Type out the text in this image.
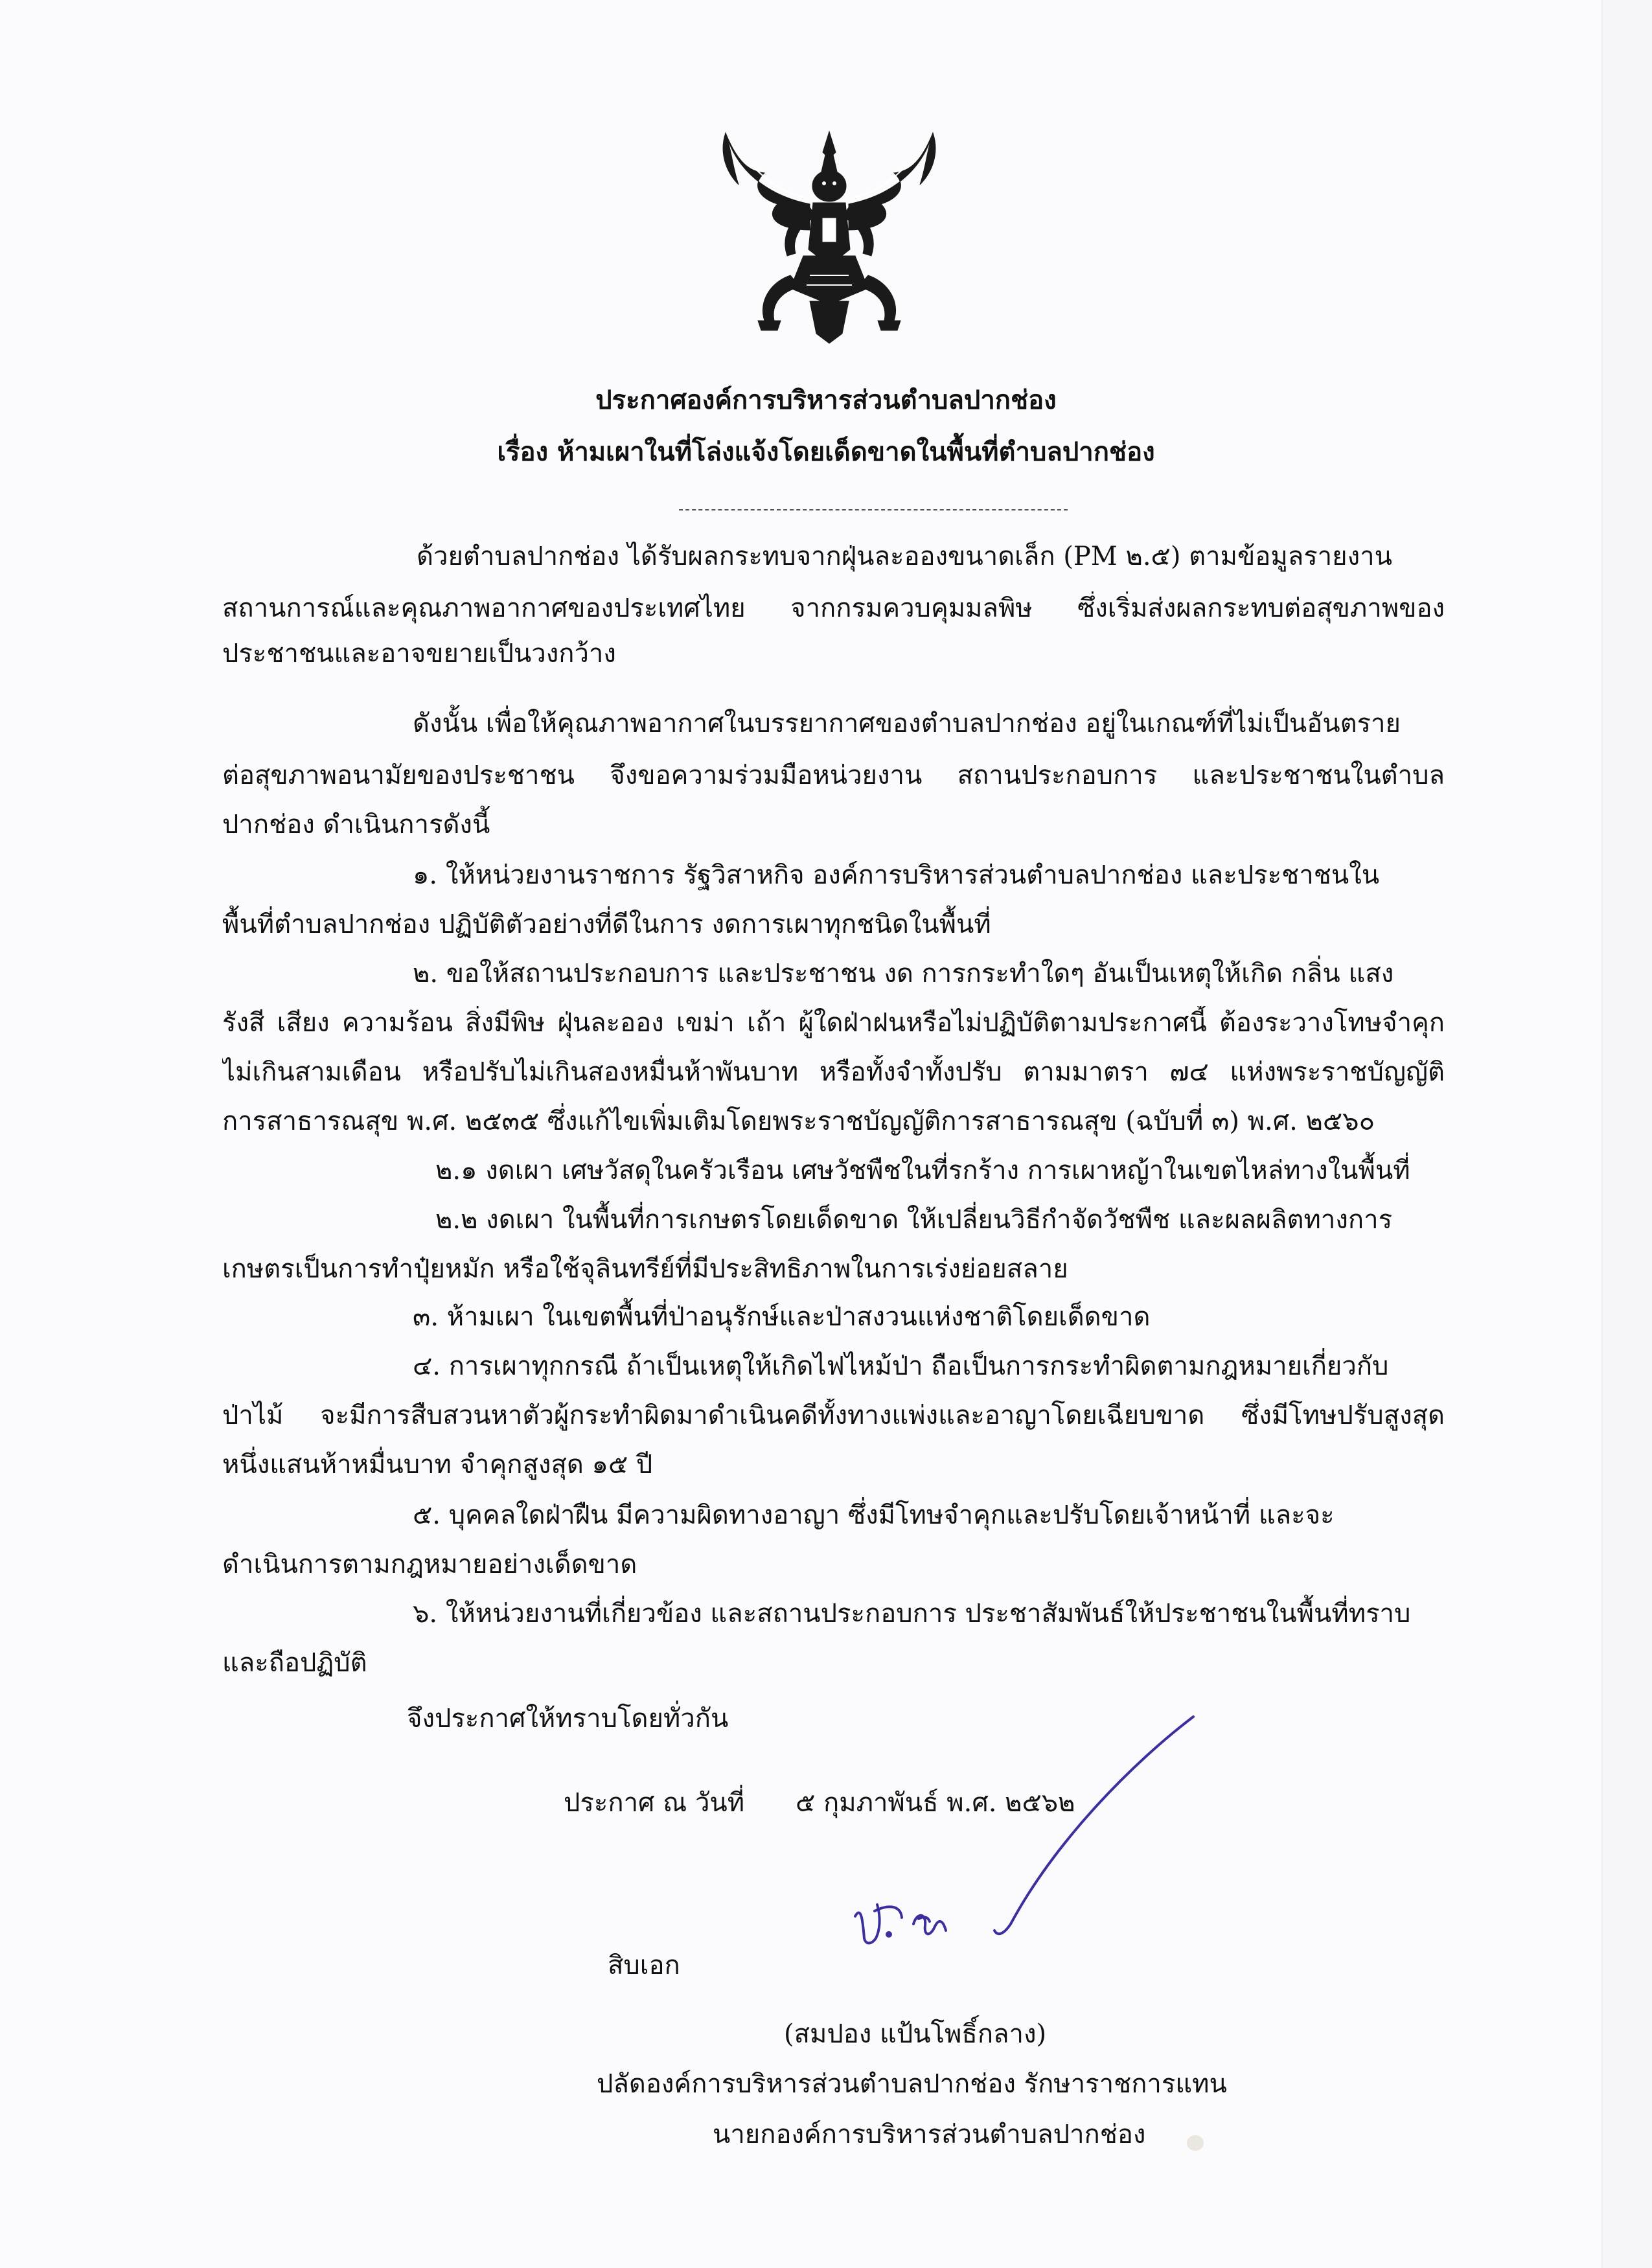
ประกาศองค์การบริหารส่วนตำบลปากช่อง
เรื่อง ห้ามเผาในที่โล่งแจ้งโดยเด็ดขาดในพื้นที่ตำบลปากช่อง
ด้วยตำบลปากช่อง ได้รับผลกระทบจากฝุ่นละอองขนาดเล็ก (PM ๒.๕) ตามข้อมูลรายงาน
สถานการณ์และคุณภาพอากาศของประเทศไทย จากกรมควบคุมมลพิษ ซึ่งเริ่มส่งผลกระทบต่อสุขภาพของ
ประชาชนและอาจขยายเป็นวงกว้าง
ดังนั้น เพื่อให้คุณภาพอากาศในบรรยากาศของตำบลปากช่อง อยู่ในเกณฑ์ที่ไม่เป็นอันตราย
ต่อสุขภาพอนามัยของประชาชน จึงขอความร่วมมือหน่วยงาน สถานประกอบการ และประชาชนในตำบล
ปากช่อง ดำเนินการดังนี้
๑. ให้หน่วยงานราชการ รัฐวิสาหกิจ องค์การบริหารส่วนตำบลปากช่อง และประชาชนใน
พื้นที่ตำบลปากช่อง ปฏิบัติตัวอย่างที่ดีในการ งดการเผาทุกชนิดในพื้นที่
๒. ขอให้สถานประกอบการ และประชาชน งด การกระทำใดๆ อันเป็นเหตุให้เกิด กลิ่น แสง
รังสี เสียง ความร้อน สิ่งมีพิษ ฝุ่นละออง เขม่า เถ้า ผู้ใดฝ่าฝนหรือไม่ปฏิบัติตามประกาศนี้ ต้องระวางโทษจำคุก
ไม่เกินสามเดือน หรือปรับไม่เกินสองหมื่นห้าพันบาท หรือทั้งจำทั้งปรับ ตามมาตรา ๗๔ แห่งพระราชบัญญัติ
การสาธารณสุข พ.ศ. ๒๕๓๕ ซึ่งแก้ไขเพิ่มเติมโดยพระราชบัญญัติการสาธารณสุข (ฉบับที่ ๓) พ.ศ. ๒๕๖๐
๒.๑ งดเผา เศษวัสดุในครัวเรือน เศษวัชพืชในที่รกร้าง การเผาหญ้าในเขตไหล่ทางในพื้นที่
๒.๒ งดเผา ในพื้นที่การเกษตรโดยเด็ดขาด ให้เปลี่ยนวิธีกำจัดวัชพืช และผลผลิตทางการ
เกษตรเป็นการทำปุ๋ยหมัก หรือใช้จุลินทรีย์ที่มีประสิทธิภาพในการเร่งย่อยสลาย
๓. ห้ามเผา ในเขตพื้นที่ป่าอนุรักษ์และป่าสงวนแห่งชาติโดยเด็ดขาด
๔. การเผาทุกกรณี ถ้าเป็นเหตุให้เกิดไฟไหม้ป่า ถือเป็นการกระทำผิดตามกฎหมายเกี่ยวกับ
ป่าไม้ จะมีการสืบสวนหาตัวผู้กระทำผิดมาดำเนินคดีทั้งทางแพ่งและอาญาโดยเฉียบขาด ซึ่งมีโทษปรับสูงสุด
หนึ่งแสนห้าหมื่นบาท จำคุกสูงสุด ๑๕ ปี
๕. บุคคลใดฝ่าฝืน มีความผิดทางอาญา ซึ่งมีโทษจำคุกและปรับโดยเจ้าหน้าที่ และจะ
ดำเนินการตามกฎหมายอย่างเด็ดขาด
๖. ให้หน่วยงานที่เกี่ยวข้อง และสถานประกอบการ ประชาสัมพันธ์ให้ประชาชนในพื้นที่ทราบ
และถือปฏิบัติ
จึงประกาศให้ทราบโดยทั่วกัน
ประกาศ ณ วันที่ ๕ กุมภาพันธ์ พ.ศ. ๒๕๖๒
สิบเอก
(สมปอง แป้นโพธิ์กลาง)
ปลัดองค์การบริหารส่วนตำบลปากช่อง รักษาราชการแทน
นายกองค์การบริหารส่วนตำบลปากช่อง
